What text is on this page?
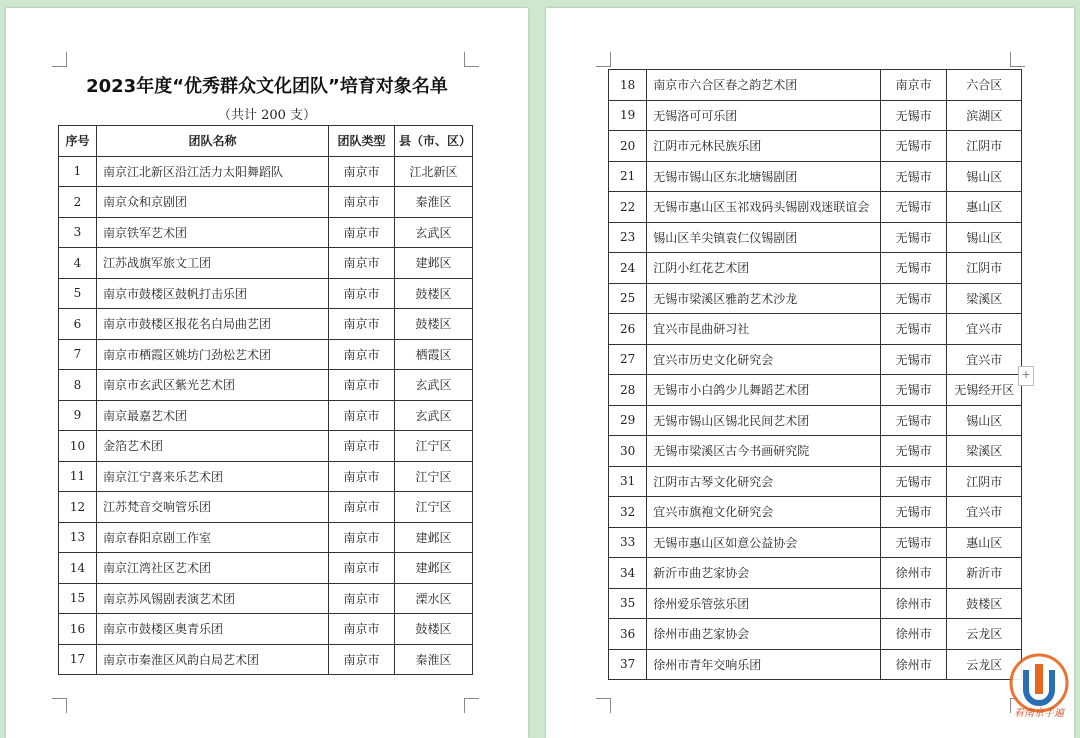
2023年度“优秀群众文化团队”培育对象名单
（共计 200 支）
序号	团队名称	团队类型	县（市、区）
1	南京江北新区沿江活力太阳舞蹈队	南京市	江北新区
2	南京众和京剧团	南京市	秦淮区
3	南京铁军艺术团	南京市	玄武区
4	江苏战旗军旅文工团	南京市	建邺区
5	南京市鼓楼区鼓帆打击乐团	南京市	鼓楼区
6	南京市鼓楼区报花名白局曲艺团	南京市	鼓楼区
7	南京市栖霞区姚坊门劲松艺术团	南京市	栖霞区
8	南京市玄武区紫光艺术团	南京市	玄武区
9	南京最嘉艺术团	南京市	玄武区
10	金箔艺术团	南京市	江宁区
11	南京江宁喜来乐艺术团	南京市	江宁区
12	江苏梵音交响管乐团	南京市	江宁区
13	南京春阳京剧工作室	南京市	建邺区
14	南京江湾社区艺术团	南京市	建邺区
15	南京苏风锡剧表演艺术团	南京市	溧水区
16	南京市鼓楼区奥青乐团	南京市	鼓楼区
17	南京市秦淮区风韵白局艺术团	南京市	秦淮区
18	南京市六合区春之韵艺术团	南京市	六合区
19	无锡洛可可乐团	无锡市	滨湖区
20	江阴市元林民族乐团	无锡市	江阴市
21	无锡市锡山区东北塘锡剧团	无锡市	锡山区
22	无锡市惠山区玉祁戏码头锡剧戏迷联谊会	无锡市	惠山区
23	锡山区羊尖镇袁仁仪锡剧团	无锡市	锡山区
24	江阴小红花艺术团	无锡市	江阴市
25	无锡市梁溪区雅韵艺术沙龙	无锡市	梁溪区
26	宜兴市昆曲研习社	无锡市	宜兴市
27	宜兴市历史文化研究会	无锡市	宜兴市
28	无锡市小白鸽少儿舞蹈艺术团	无锡市	无锡经开区
29	无锡市锡山区锡北民间艺术团	无锡市	锡山区
30	无锡市梁溪区古今书画研究院	无锡市	梁溪区
31	江阴市古琴文化研究会	无锡市	江阴市
32	宜兴市旗袍文化研究会	无锡市	宜兴市
33	无锡市惠山区如意公益协会	无锡市	惠山区
34	新沂市曲艺家协会	徐州市	新沂市
35	徐州爱乐管弦乐团	徐州市	鼓楼区
36	徐州市曲艺家协会	徐州市	云龙区
37	徐州市青年交响乐团	徐州市	云龙区
+
看南京手遍
